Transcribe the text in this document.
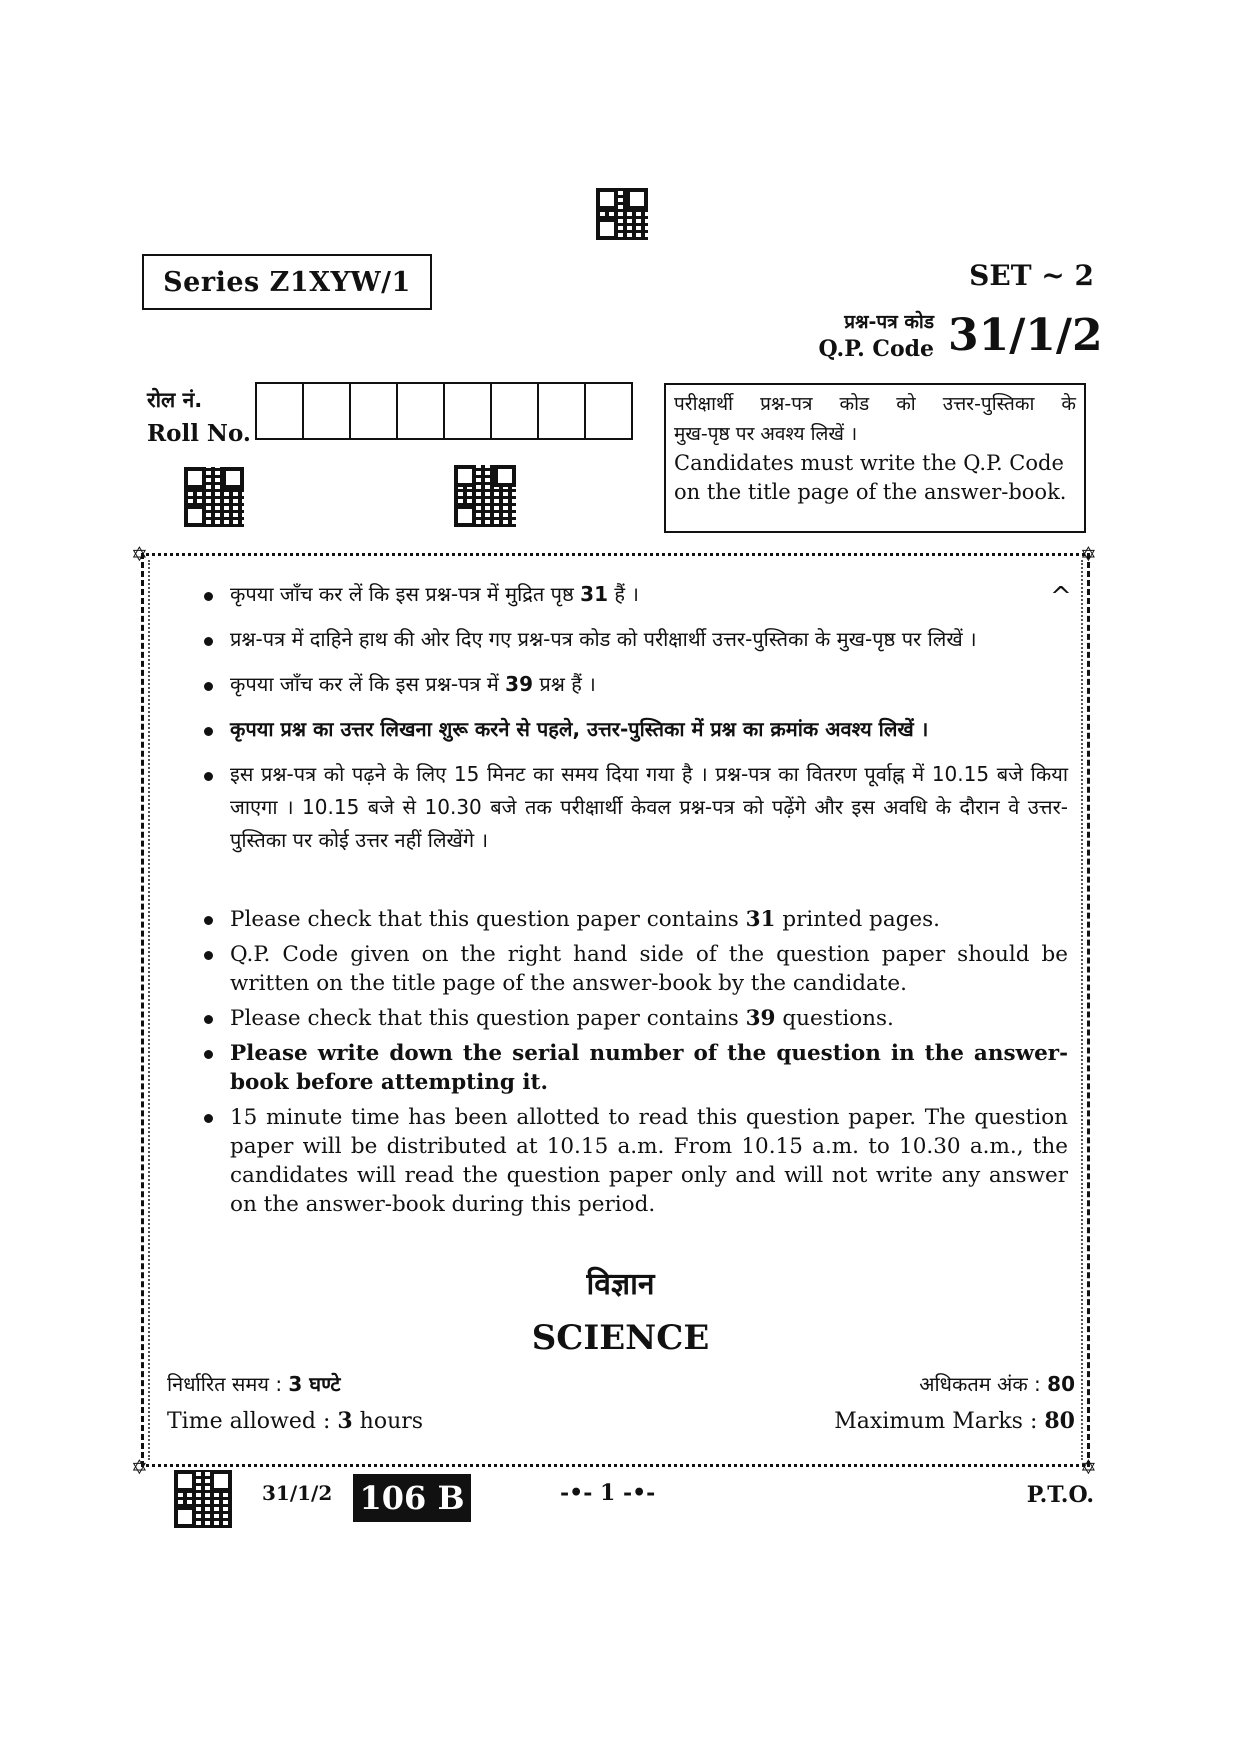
Series Z1XYW/1	SET ~ 2
प्रश्न-पत्र कोड
Q.P. Code 31/1/2
रोल नं.
Roll No.
परीक्षार्थी प्रश्न-पत्र कोड को उत्तर-पुस्तिका के
मुख-पृष्ठ पर अवश्य लिखें ।
Candidates must write the Q.P. Code on the title page of the answer-book.
✡	✡
✡	✡
^
कृपया जाँच कर लें कि इस प्रश्न-पत्र में मुद्रित पृष्ठ 31 हैं ।
प्रश्न-पत्र में दाहिने हाथ की ओर दिए गए प्रश्न-पत्र कोड को परीक्षार्थी उत्तर-पुस्तिका के मुख-पृष्ठ पर लिखें ।
कृपया जाँच कर लें कि इस प्रश्न-पत्र में 39 प्रश्न हैं ।
कृपया प्रश्न का उत्तर लिखना शुरू करने से पहले, उत्तर-पुस्तिका में प्रश्न का क्रमांक अवश्य लिखें ।
इस प्रश्न-पत्र को पढ़ने के लिए 15 मिनट का समय दिया गया है । प्रश्न-पत्र का वितरण पूर्वाह्न में 10.15 बजे किया जाएगा । 10.15 बजे से 10.30 बजे तक परीक्षार्थी केवल प्रश्न-पत्र को पढ़ेंगे और इस अवधि के दौरान वे उत्तर-पुस्तिका पर कोई उत्तर नहीं लिखेंगे ।
Please check that this question paper contains 31 printed pages.
Q.P. Code given on the right hand side of the question paper should be written on the title page of the answer-book by the candidate.
Please check that this question paper contains 39 questions.
Please write down the serial number of the question in the answer-book before attempting it.
15 minute time has been allotted to read this question paper. The question paper will be distributed at 10.15 a.m. From 10.15 a.m. to 10.30 a.m., the candidates will read the question paper only and will not write any answer on the answer-book during this period.
विज्ञान
SCIENCE
निर्धारित समय : 3 घण्टे
Time allowed : 3 hours
अधिकतम अंक : 80
Maximum Marks : 80
31/1/2 106 B	-•- 1 -•-	P.T.O.
